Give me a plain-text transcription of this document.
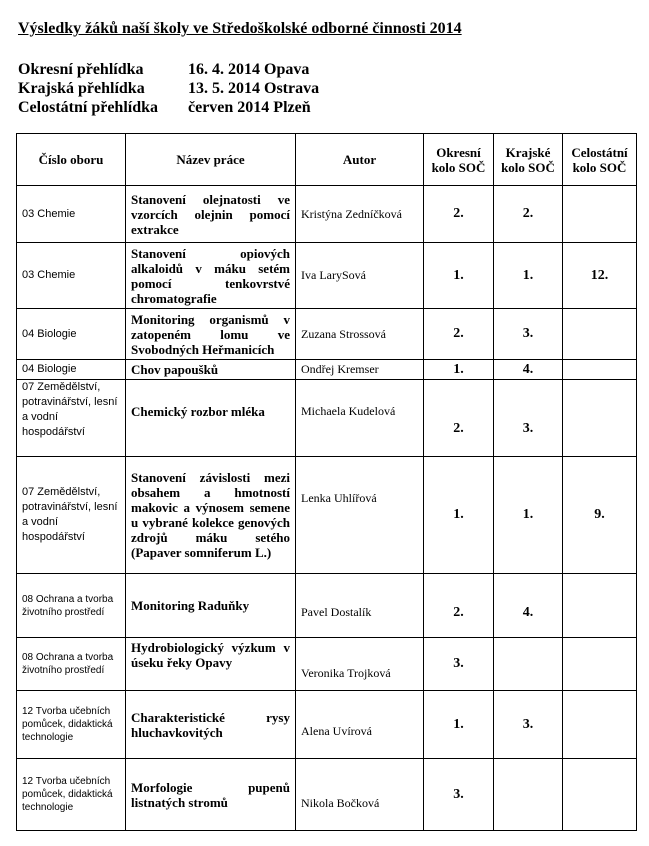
Výsledky žáků naší školy ve Středoškolské odborné činnosti 2014
Okresní přehlídka	16. 4. 2014 Opava
Krajská přehlídka	13. 5. 2014 Ostrava
Celostátní přehlídka červen 2014 Plzeň
Číslo oboru	Název práce	Autor	Okresní kolo SOČ	Krajské kolo SOČ	Celostátní kolo SOČ
03 Chemie	Stanovení olejnatosti ve vzorcích olejnin pomocí extrakce	Kristýna Zedníčková	2.	2.	
03 Chemie	Stanovení opiových alkaloidů v máku setém pomocí tenkovrstvé chromatografie	Iva LarySová	1.	1.	12.
04 Biologie	Monitoring organismů v zatopeném lomu ve Svobodných Heřmanicích	Zuzana Strossová	2.	3.	
04 Biologie	Chov papoušků	Ondřej Kremser	1.	4.	
07 Zemědělství, potravinářství, lesní a vodní hospodářství	Chemický rozbor mléka	Michaela Kudelová	2.	3.	
07 Zemědělství, potravinářství, lesní a vodní hospodářství	Stanovení závislosti mezi obsahem a hmotností makovic a výnosem semene u vybrané kolekce genových zdrojů máku setého (Papaver somniferum L.)	Lenka Uhlířová	1.	1.	9.
08 Ochrana a tvorba životního prostředí	Monitoring Raduňky	Pavel Dostalík	2.	4.	
08 Ochrana a tvorba životního prostředí	Hydrobiologický výzkum v úseku řeky Opavy	Veronika Trojková	3.		
12 Tvorba učebních pomůcek, didaktická technologie	Charakteristické rysy hluchavkovitých	Alena Uvírová	1.	3.	
12 Tvorba učebních pomůcek, didaktická technologie	Morfologie pupenů listnatých stromů	Nikola Bočková	3.		
